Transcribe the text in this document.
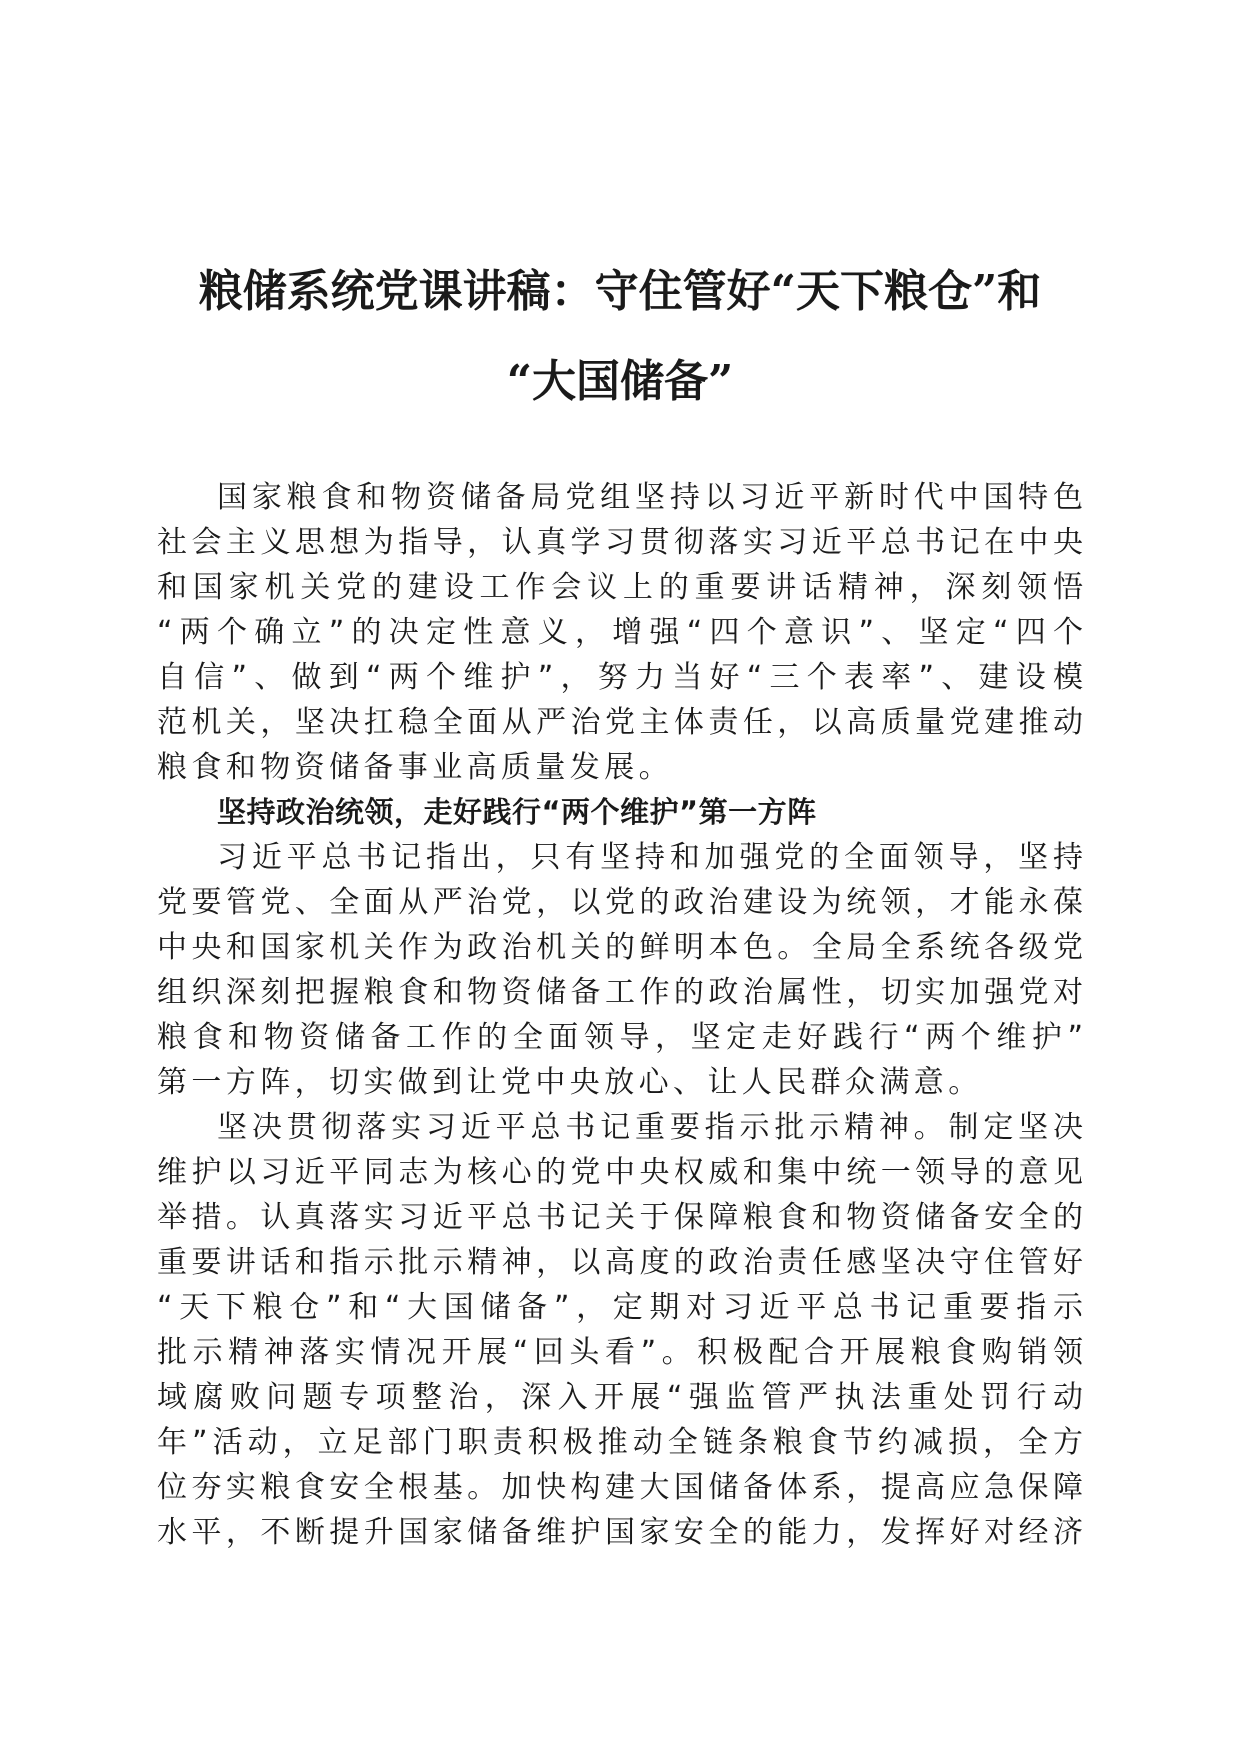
粮储系统党课讲稿：守住管好“天下粮仓”和
“大国储备”
国家粮食和物资储备局党组坚持以习近平新时代中国特色
社会主义思想为指导，认真学习贯彻落实习近平总书记在中央
和国家机关党的建设工作会议上的重要讲话精神，深刻领悟
“两个确立”的决定性意义，增强“四个意识”、坚定“四个
自信”、做到“两个维护”，努力当好“三个表率”、建设模
范机关，坚决扛稳全面从严治党主体责任，以高质量党建推动
粮食和物资储备事业高质量发展。
坚持政治统领，走好践行“两个维护”第一方阵
习近平总书记指出，只有坚持和加强党的全面领导，坚持
党要管党、全面从严治党，以党的政治建设为统领，才能永葆
中央和国家机关作为政治机关的鲜明本色。全局全系统各级党
组织深刻把握粮食和物资储备工作的政治属性，切实加强党对
粮食和物资储备工作的全面领导，坚定走好践行“两个维护”
第一方阵，切实做到让党中央放心、让人民群众满意。
坚决贯彻落实习近平总书记重要指示批示精神。制定坚决
维护以习近平同志为核心的党中央权威和集中统一领导的意见
举措。认真落实习近平总书记关于保障粮食和物资储备安全的
重要讲话和指示批示精神，以高度的政治责任感坚决守住管好
“天下粮仓”和“大国储备”，定期对习近平总书记重要指示
批示精神落实情况开展“回头看”。积极配合开展粮食购销领
域腐败问题专项整治，深入开展“强监管严执法重处罚行动
年”活动，立足部门职责积极推动全链条粮食节约减损，全方
位夯实粮食安全根基。加快构建大国储备体系，提高应急保障
水平，不断提升国家储备维护国家安全的能力，发挥好对经济
